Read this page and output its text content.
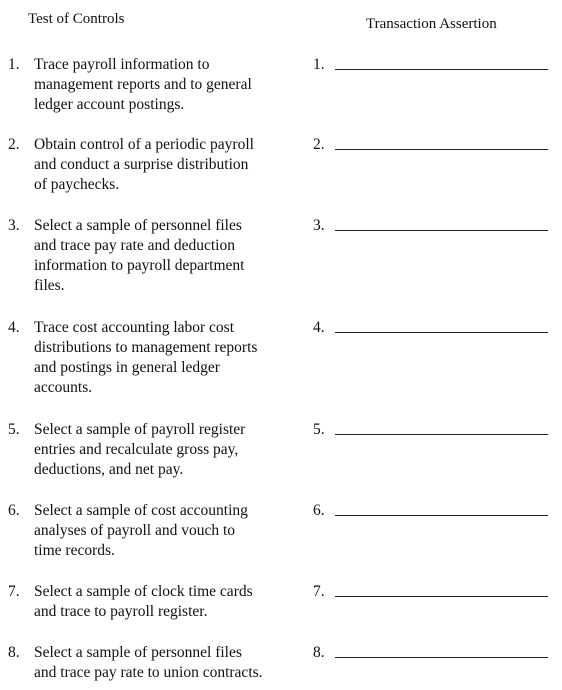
Test of Controls	Transaction Assertion
1. Trace payroll information to
management reports and to general
ledger account postings.
1.
2. Obtain control of a periodic payroll
and conduct a surprise distribution
of paychecks.
2.
3. Select a sample of personnel files
and trace pay rate and deduction
information to payroll department
files.
3.
4. Trace cost accounting labor cost
distributions to management reports
and postings in general ledger
accounts.
4.
5. Select a sample of payroll register
entries and recalculate gross pay,
deductions, and net pay.
5.
6. Select a sample of cost accounting
analyses of payroll and vouch to
time records.
6.
7. Select a sample of clock time cards
and trace to payroll register.
7.
8. Select a sample of personnel files
and trace pay rate to union contracts.
8.
